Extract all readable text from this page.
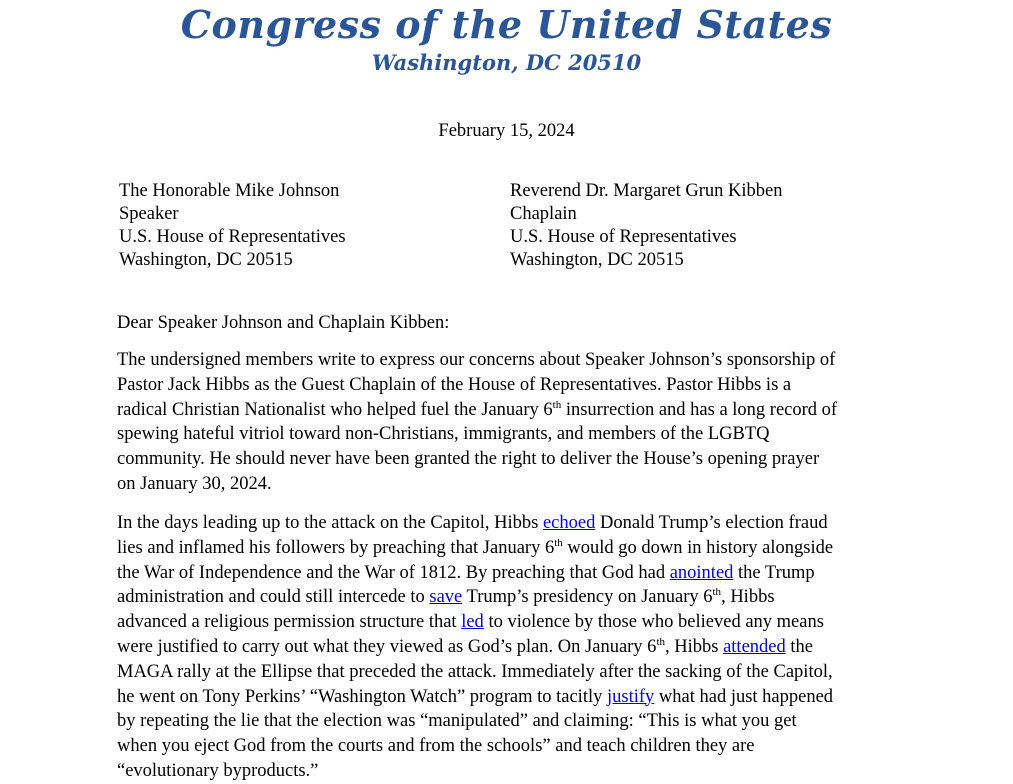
Congress of the United States
Washington, DC 20510
February 15, 2024
The Honorable Mike Johnson
Speaker
U.S. House of Representatives
Washington, DC 20515
Reverend Dr. Margaret Grun Kibben
Chaplain
U.S. House of Representatives
Washington, DC 20515
Dear Speaker Johnson and Chaplain Kibben:
The undersigned members write to express our concerns about Speaker Johnson’s sponsorship of
Pastor Jack Hibbs as the Guest Chaplain of the House of Representatives. Pastor Hibbs is a
radical Christian Nationalist who helped fuel the January 6th insurrection and has a long record of
spewing hateful vitriol toward non-Christians, immigrants, and members of the LGBTQ
community. He should never have been granted the right to deliver the House’s opening prayer
on January 30, 2024.
In the days leading up to the attack on the Capitol, Hibbs echoed Donald Trump’s election fraud
lies and inflamed his followers by preaching that January 6th would go down in history alongside
the War of Independence and the War of 1812. By preaching that God had anointed the Trump
administration and could still intercede to save Trump’s presidency on January 6th, Hibbs
advanced a religious permission structure that led to violence by those who believed any means
were justified to carry out what they viewed as God’s plan. On January 6th, Hibbs attended the
MAGA rally at the Ellipse that preceded the attack. Immediately after the sacking of the Capitol,
he went on Tony Perkins’ “Washington Watch” program to tacitly justify what had just happened
by repeating the lie that the election was “manipulated” and claiming: “This is what you get
when you eject God from the courts and from the schools” and teach children they are
“evolutionary byproducts.”
